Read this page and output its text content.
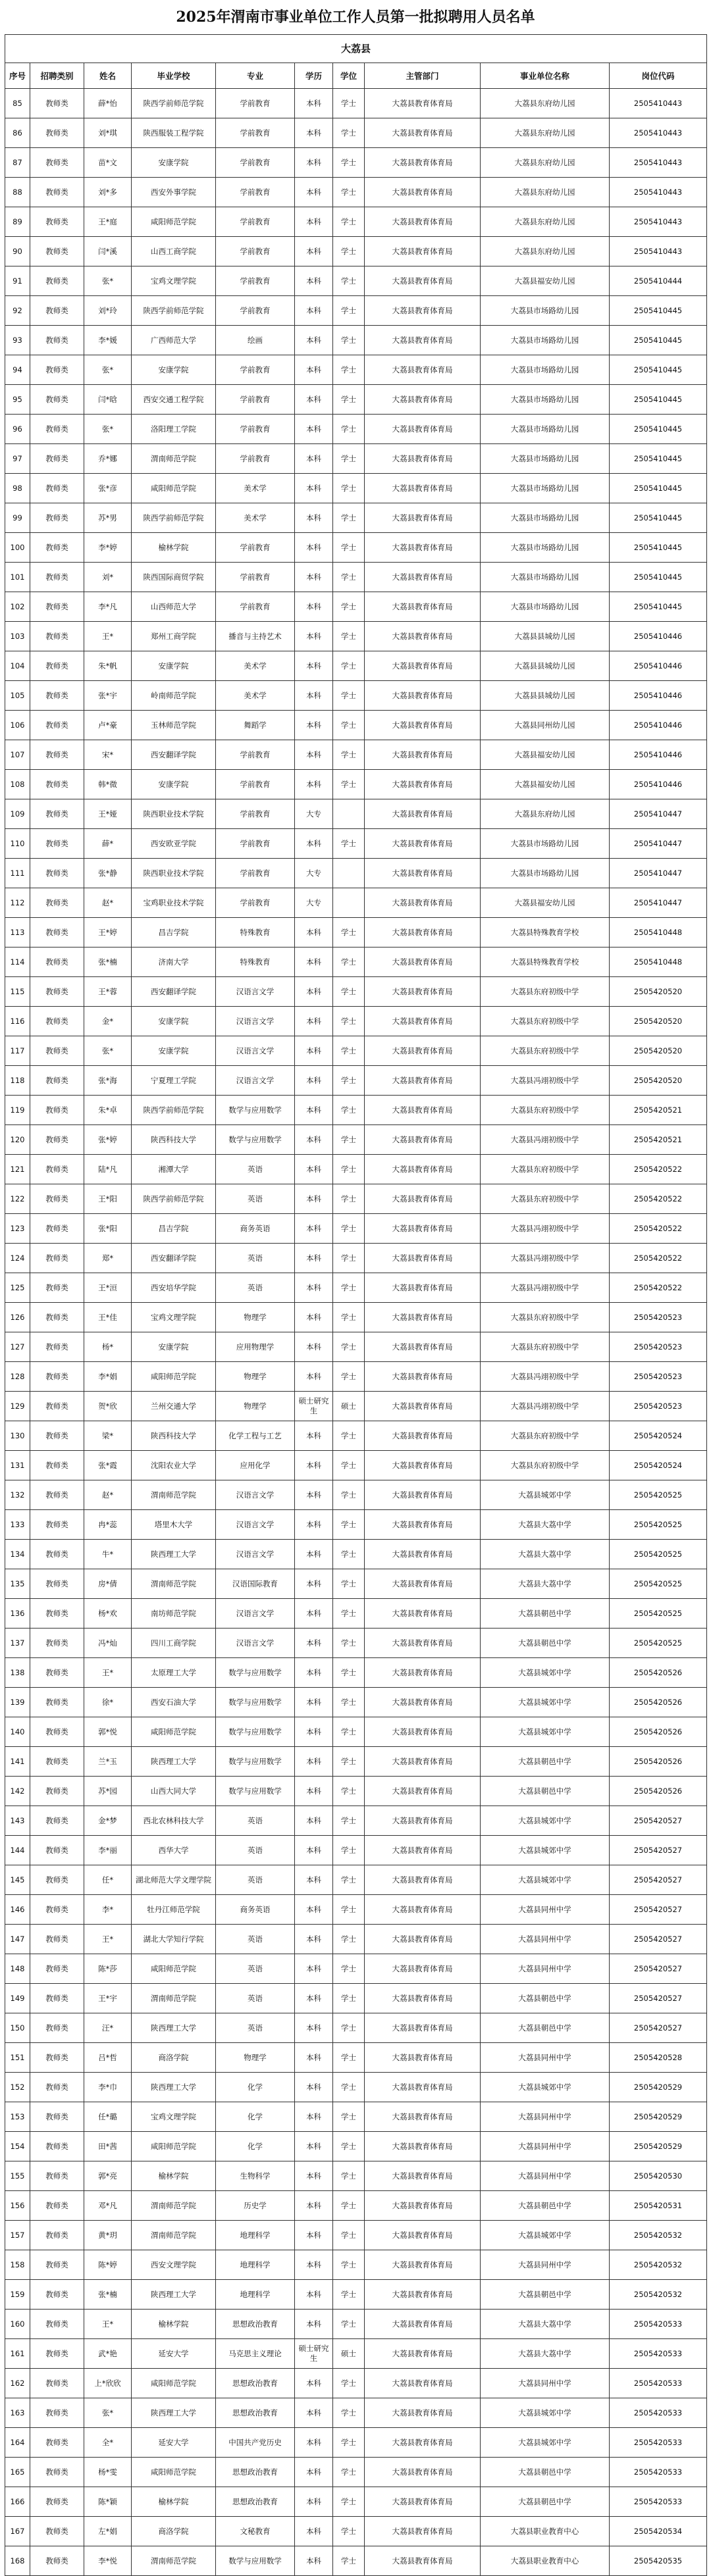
2025年渭南市事业单位工作人员第一批拟聘用人员名单
大荔县									
序号	招聘类别	姓名	毕业学校	专业	学历	学位	主管部门	事业单位名称	岗位代码
85	教师类	薛*怡	陕西学前师范学院	学前教育	本科	学士	大荔县教育体育局	大荔县东府幼儿园	2505410443
86	教师类	刘*琪	陕西服装工程学院	学前教育	本科	学士	大荔县教育体育局	大荔县东府幼儿园	2505410443
87	教师类	苗*文	安康学院	学前教育	本科	学士	大荔县教育体育局	大荔县东府幼儿园	2505410443
88	教师类	刘*多	西安外事学院	学前教育	本科	学士	大荔县教育体育局	大荔县东府幼儿园	2505410443
89	教师类	王*庭	咸阳师范学院	学前教育	本科	学士	大荔县教育体育局	大荔县东府幼儿园	2505410443
90	教师类	闫*溪	山西工商学院	学前教育	本科	学士	大荔县教育体育局	大荔县东府幼儿园	2505410443
91	教师类	张*	宝鸡文理学院	学前教育	本科	学士	大荔县教育体育局	大荔县福安幼儿园	2505410444
92	教师类	刘*玲	陕西学前师范学院	学前教育	本科	学士	大荔县教育体育局	大荔县市场路幼儿园	2505410445
93	教师类	李*媛	广西师范大学	绘画	本科	学士	大荔县教育体育局	大荔县市场路幼儿园	2505410445
94	教师类	张*	安康学院	学前教育	本科	学士	大荔县教育体育局	大荔县市场路幼儿园	2505410445
95	教师类	闫*晗	西安交通工程学院	学前教育	本科	学士	大荔县教育体育局	大荔县市场路幼儿园	2505410445
96	教师类	张*	洛阳理工学院	学前教育	本科	学士	大荔县教育体育局	大荔县市场路幼儿园	2505410445
97	教师类	乔*娜	渭南师范学院	学前教育	本科	学士	大荔县教育体育局	大荔县市场路幼儿园	2505410445
98	教师类	张*彦	咸阳师范学院	美术学	本科	学士	大荔县教育体育局	大荔县市场路幼儿园	2505410445
99	教师类	苏*男	陕西学前师范学院	美术学	本科	学士	大荔县教育体育局	大荔县市场路幼儿园	2505410445
100	教师类	李*婷	榆林学院	学前教育	本科	学士	大荔县教育体育局	大荔县市场路幼儿园	2505410445
101	教师类	刘*	陕西国际商贸学院	学前教育	本科	学士	大荔县教育体育局	大荔县市场路幼儿园	2505410445
102	教师类	李*凡	山西师范大学	学前教育	本科	学士	大荔县教育体育局	大荔县市场路幼儿园	2505410445
103	教师类	王*	郑州工商学院	播音与主持艺术	本科	学士	大荔县教育体育局	大荔县县城幼儿园	2505410446
104	教师类	朱*帆	安康学院	美术学	本科	学士	大荔县教育体育局	大荔县县城幼儿园	2505410446
105	教师类	张*宇	岭南师范学院	美术学	本科	学士	大荔县教育体育局	大荔县县城幼儿园	2505410446
106	教师类	卢*豪	玉林师范学院	舞蹈学	本科	学士	大荔县教育体育局	大荔县同州幼儿园	2505410446
107	教师类	宋*	西安翻译学院	学前教育	本科	学士	大荔县教育体育局	大荔县福安幼儿园	2505410446
108	教师类	韩*微	安康学院	学前教育	本科	学士	大荔县教育体育局	大荔县福安幼儿园	2505410446
109	教师类	王*娅	陕西职业技术学院	学前教育	大专		大荔县教育体育局	大荔县东府幼儿园	2505410447
110	教师类	薛*	西安欧亚学院	学前教育	本科	学士	大荔县教育体育局	大荔县市场路幼儿园	2505410447
111	教师类	张*静	陕西职业技术学院	学前教育	大专		大荔县教育体育局	大荔县市场路幼儿园	2505410447
112	教师类	赵*	宝鸡职业技术学院	学前教育	大专		大荔县教育体育局	大荔县福安幼儿园	2505410447
113	教师类	王*婷	昌吉学院	特殊教育	本科	学士	大荔县教育体育局	大荔县特殊教育学校	2505410448
114	教师类	张*楠	济南大学	特殊教育	本科	学士	大荔县教育体育局	大荔县特殊教育学校	2505410448
115	教师类	王*蓉	西安翻译学院	汉语言文学	本科	学士	大荔县教育体育局	大荔县东府初级中学	2505420520
116	教师类	金*	安康学院	汉语言文学	本科	学士	大荔县教育体育局	大荔县东府初级中学	2505420520
117	教师类	张*	安康学院	汉语言文学	本科	学士	大荔县教育体育局	大荔县东府初级中学	2505420520
118	教师类	张*海	宁夏理工学院	汉语言文学	本科	学士	大荔县教育体育局	大荔县冯翊初级中学	2505420520
119	教师类	朱*卓	陕西学前师范学院	数学与应用数学	本科	学士	大荔县教育体育局	大荔县东府初级中学	2505420521
120	教师类	张*婷	陕西科技大学	数学与应用数学	本科	学士	大荔县教育体育局	大荔县冯翊初级中学	2505420521
121	教师类	陆*凡	湘潭大学	英语	本科	学士	大荔县教育体育局	大荔县东府初级中学	2505420522
122	教师类	王*阳	陕西学前师范学院	英语	本科	学士	大荔县教育体育局	大荔县东府初级中学	2505420522
123	教师类	张*阳	昌吉学院	商务英语	本科	学士	大荔县教育体育局	大荔县冯翊初级中学	2505420522
124	教师类	郑*	西安翻译学院	英语	本科	学士	大荔县教育体育局	大荔县冯翊初级中学	2505420522
125	教师类	王*洹	西安培华学院	英语	本科	学士	大荔县教育体育局	大荔县冯翊初级中学	2505420522
126	教师类	王*佳	宝鸡文理学院	物理学	本科	学士	大荔县教育体育局	大荔县东府初级中学	2505420523
127	教师类	杨*	安康学院	应用物理学	本科	学士	大荔县教育体育局	大荔县东府初级中学	2505420523
128	教师类	李*娟	咸阳师范学院	物理学	本科	学士	大荔县教育体育局	大荔县冯翊初级中学	2505420523
129	教师类	贺*欣	兰州交通大学	物理学	硕士研究生	硕士	大荔县教育体育局	大荔县冯翊初级中学	2505420523
130	教师类	梁*	陕西科技大学	化学工程与工艺	本科	学士	大荔县教育体育局	大荔县东府初级中学	2505420524
131	教师类	张*霞	沈阳农业大学	应用化学	本科	学士	大荔县教育体育局	大荔县东府初级中学	2505420524
132	教师类	赵*	渭南师范学院	汉语言文学	本科	学士	大荔县教育体育局	大荔县城郊中学	2505420525
133	教师类	冉*蕊	塔里木大学	汉语言文学	本科	学士	大荔县教育体育局	大荔县大荔中学	2505420525
134	教师类	牛*	陕西理工大学	汉语言文学	本科	学士	大荔县教育体育局	大荔县大荔中学	2505420525
135	教师类	房*倩	渭南师范学院	汉语国际教育	本科	学士	大荔县教育体育局	大荔县大荔中学	2505420525
136	教师类	杨*欢	南坊师范学院	汉语言文学	本科	学士	大荔县教育体育局	大荔县朝邑中学	2505420525
137	教师类	冯*灿	四川工商学院	汉语言文学	本科	学士	大荔县教育体育局	大荔县朝邑中学	2505420525
138	教师类	王*	太原理工大学	数学与应用数学	本科	学士	大荔县教育体育局	大荔县城郊中学	2505420526
139	教师类	徐*	西安石油大学	数学与应用数学	本科	学士	大荔县教育体育局	大荔县城郊中学	2505420526
140	教师类	郭*悦	咸阳师范学院	数学与应用数学	本科	学士	大荔县教育体育局	大荔县城郊中学	2505420526
141	教师类	兰*玉	陕西理工大学	数学与应用数学	本科	学士	大荔县教育体育局	大荔县朝邑中学	2505420526
142	教师类	苏*园	山西大同大学	数学与应用数学	本科	学士	大荔县教育体育局	大荔县朝邑中学	2505420526
143	教师类	金*梦	西北农林科技大学	英语	本科	学士	大荔县教育体育局	大荔县城郊中学	2505420527
144	教师类	李*丽	西华大学	英语	本科	学士	大荔县教育体育局	大荔县城郊中学	2505420527
145	教师类	任*	湖北师范大学文理学院	英语	本科	学士	大荔县教育体育局	大荔县城郊中学	2505420527
146	教师类	李*	牡丹江师范学院	商务英语	本科	学士	大荔县教育体育局	大荔县同州中学	2505420527
147	教师类	王*	湖北大学知行学院	英语	本科	学士	大荔县教育体育局	大荔县同州中学	2505420527
148	教师类	陈*莎	咸阳师范学院	英语	本科	学士	大荔县教育体育局	大荔县同州中学	2505420527
149	教师类	王*宇	渭南师范学院	英语	本科	学士	大荔县教育体育局	大荔县朝邑中学	2505420527
150	教师类	汪*	陕西理工大学	英语	本科	学士	大荔县教育体育局	大荔县朝邑中学	2505420527
151	教师类	吕*哲	商洛学院	物理学	本科	学士	大荔县教育体育局	大荔县同州中学	2505420528
152	教师类	李*巾	陕西理工大学	化学	本科	学士	大荔县教育体育局	大荔县城郊中学	2505420529
153	教师类	任*璐	宝鸡文理学院	化学	本科	学士	大荔县教育体育局	大荔县同州中学	2505420529
154	教师类	田*茜	咸阳师范学院	化学	本科	学士	大荔县教育体育局	大荔县同州中学	2505420529
155	教师类	郭*亮	榆林学院	生物科学	本科	学士	大荔县教育体育局	大荔县同州中学	2505420530
156	教师类	邓*凡	渭南师范学院	历史学	本科	学士	大荔县教育体育局	大荔县朝邑中学	2505420531
157	教师类	黄*玥	渭南师范学院	地理科学	本科	学士	大荔县教育体育局	大荔县城郊中学	2505420532
158	教师类	陈*婷	西安文理学院	地理科学	本科	学士	大荔县教育体育局	大荔县同州中学	2505420532
159	教师类	张*楠	陕西理工大学	地理科学	本科	学士	大荔县教育体育局	大荔县朝邑中学	2505420532
160	教师类	王*	榆林学院	思想政治教育	本科	学士	大荔县教育体育局	大荔县大荔中学	2505420533
161	教师类	武*艳	延安大学	马克思主义理论	硕士研究生	硕士	大荔县教育体育局	大荔县大荔中学	2505420533
162	教师类	上*欣欣	咸阳师范学院	思想政治教育	本科	学士	大荔县教育体育局	大荔县同州中学	2505420533
163	教师类	张*	陕西理工大学	思想政治教育	本科	学士	大荔县教育体育局	大荔县城郊中学	2505420533
164	教师类	全*	延安大学	中国共产党历史	本科	学士	大荔县教育体育局	大荔县城郊中学	2505420533
165	教师类	杨*雯	咸阳师范学院	思想政治教育	本科	学士	大荔县教育体育局	大荔县朝邑中学	2505420533
166	教师类	陈*颖	榆林学院	思想政治教育	本科	学士	大荔县教育体育局	大荔县朝邑中学	2505420533
167	教师类	左*娟	商洛学院	文秘教育	本科	学士	大荔县教育体育局	大荔县职业教育中心	2505420534
168	教师类	李*悦	渭南师范学院	数学与应用数学	本科	学士	大荔县教育体育局	大荔县职业教育中心	2505420535
